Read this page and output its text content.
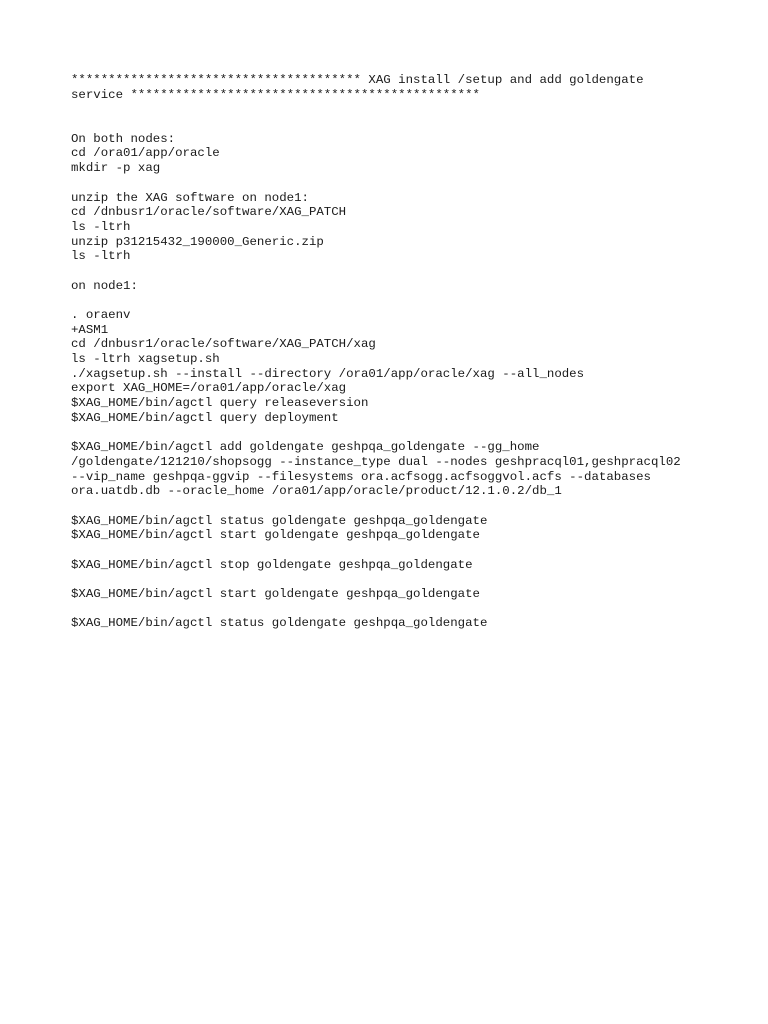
*************************************** XAG install /setup and add goldengate
service ***********************************************
On both nodes:
cd /ora01/app/oracle
mkdir -p xag
unzip the XAG software on node1:
cd /dnbusr1/oracle/software/XAG_PATCH
ls -ltrh
unzip p31215432_190000_Generic.zip
ls -ltrh
on node1:
. oraenv
+ASM1
cd /dnbusr1/oracle/software/XAG_PATCH/xag
ls -ltrh xagsetup.sh
./xagsetup.sh --install --directory /ora01/app/oracle/xag --all_nodes
export XAG_HOME=/ora01/app/oracle/xag
$XAG_HOME/bin/agctl query releaseversion
$XAG_HOME/bin/agctl query deployment
$XAG_HOME/bin/agctl add goldengate geshpqa_goldengate --gg_home
/goldengate/121210/shopsogg --instance_type dual --nodes geshpracql01,geshpracql02
--vip_name geshpqa-ggvip --filesystems ora.acfsogg.acfsoggvol.acfs --databases
ora.uatdb.db --oracle_home /ora01/app/oracle/product/12.1.0.2/db_1
$XAG_HOME/bin/agctl status goldengate geshpqa_goldengate
$XAG_HOME/bin/agctl start goldengate geshpqa_goldengate
$XAG_HOME/bin/agctl stop goldengate geshpqa_goldengate
$XAG_HOME/bin/agctl start goldengate geshpqa_goldengate
$XAG_HOME/bin/agctl status goldengate geshpqa_goldengate
